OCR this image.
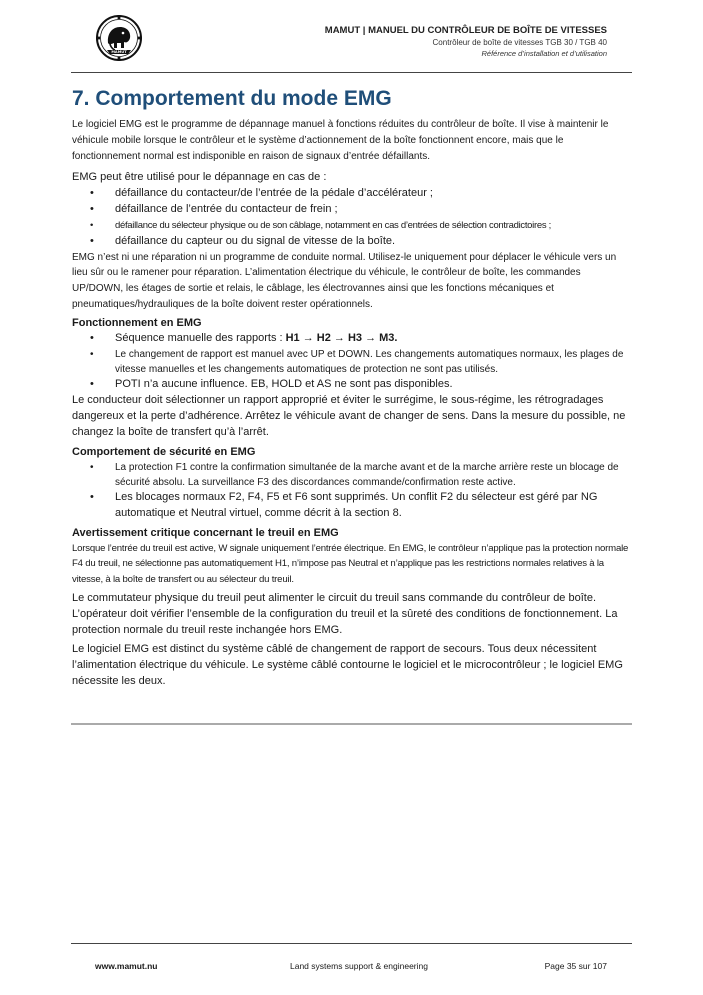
MAMUT
MAMUT | MANUEL DU CONTRÔLEUR DE BOÎTE DE VITESSES
Contrôleur de boîte de vitesses TGB 30 / TGB 40
Référence d’installation et d’utilisation
7. Comportement du mode EMG

Le logiciel EMG est le programme de dépannage manuel à fonctions réduites du contrôleur de boîte. Il vise à maintenir le véhicule mobile lorsque le contrôleur et le système d’actionnement de la boîte fonctionnent encore, mais que le fonctionnement normal est indisponible en raison de signaux d’entrée défaillants.

EMG peut être utilisé pour le dépannage en cas de :

• défaillance du contacteur/de l’entrée de la pédale d’accélérateur ;
• défaillance de l’entrée du contacteur de frein ;
• défaillance du sélecteur physique ou de son câblage, notamment en cas d’entrées de sélection contradictoires ;
• défaillance du capteur ou du signal de vitesse de la boîte.

EMG n’est ni une réparation ni un programme de conduite normal. Utilisez-le uniquement pour déplacer le véhicule vers un lieu sûr ou le ramener pour réparation. L’alimentation électrique du véhicule, le contrôleur de boîte, les commandes UP/DOWN, les étages de sortie et relais, le câblage, les électrovannes ainsi que les fonctions mécaniques et pneumatiques/hydrauliques de la boîte doivent rester opérationnels.

Fonctionnement en EMG
• Séquence manuelle des rapports : H1 → H2 → H3 → M3.
• Le changement de rapport est manuel avec UP et DOWN. Les changements automatiques normaux, les plages de vitesse manuelles et les changements automatiques de protection ne sont pas utilisés.
• POTI n’a aucune influence. EB, HOLD et AS ne sont pas disponibles.

Le conducteur doit sélectionner un rapport approprié et éviter le surrégime, le sous-régime, les rétrogradages dangereux et la perte d’adhérence. Arrêtez le véhicule avant de changer de sens. Dans la mesure du possible, ne changez la boîte de transfert qu’à l’arrêt.

Comportement de sécurité en EMG
• La protection F1 contre la confirmation simultanée de la marche avant et de la marche arrière reste un blocage de sécurité absolu. La surveillance F3 des discordances commande/confirmation reste active.
• Les blocages normaux F2, F4, F5 et F6 sont supprimés. Un conflit F2 du sélecteur est géré par NG automatique et Neutral virtuel, comme décrit à la section 8.
Avertissement critique concernant le treuil en EMG

Lorsque l’entrée du treuil est active, W signale uniquement l’entrée électrique. En EMG, le contrôleur n’applique pas la protection normale F4 du treuil, ne sélectionne pas automatiquement H1, n’impose pas Neutral et n’applique pas les restrictions normales relatives à la vitesse, à la boîte de transfert ou au sélecteur du treuil.

Le commutateur physique du treuil peut alimenter le circuit du treuil sans commande du contrôleur de boîte. L’opérateur doit vérifier l’ensemble de la configuration du treuil et la sûreté des conditions de fonctionnement. La protection normale du treuil reste inchangée hors EMG.

Le logiciel EMG est distinct du système câblé de changement de rapport de secours. Tous deux nécessitent l’alimentation électrique du véhicule. Le système câblé contourne le logiciel et le microcontrôleur ; le logiciel EMG nécessite les deux.

www.mamut.nu	Land systems support & engineering	Page 35 sur 107
